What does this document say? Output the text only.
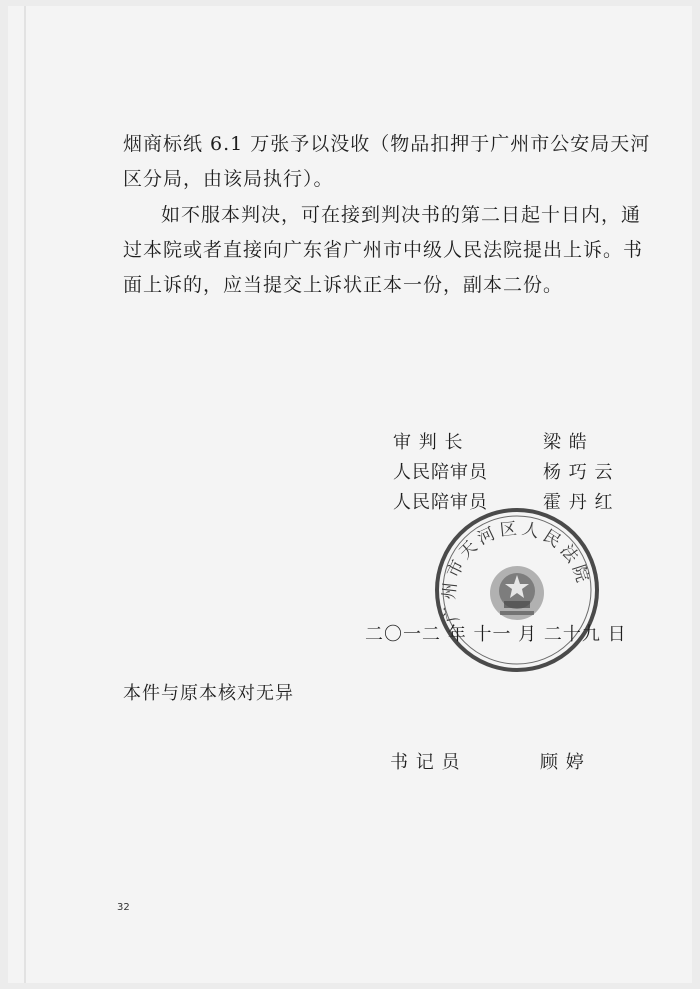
烟商标纸 6.1 万张予以没收（物品扣押于广州市公安局天河区分局，由该局执行）。
如不服本判决，可在接到判决书的第二日起十日内，通过本院或者直接向广东省广州市中级人民法院提出上诉。书面上诉的，应当提交上诉状正本一份，副本二份。
审 判 长	梁 皓
人民陪审员	杨 巧 云
人民陪审员	霍 丹 红
广州市天河区人民法院
二〇一二 年 十一 月 二十九 日
本件与原本核对无异
书 记 员	顾 婷
32
